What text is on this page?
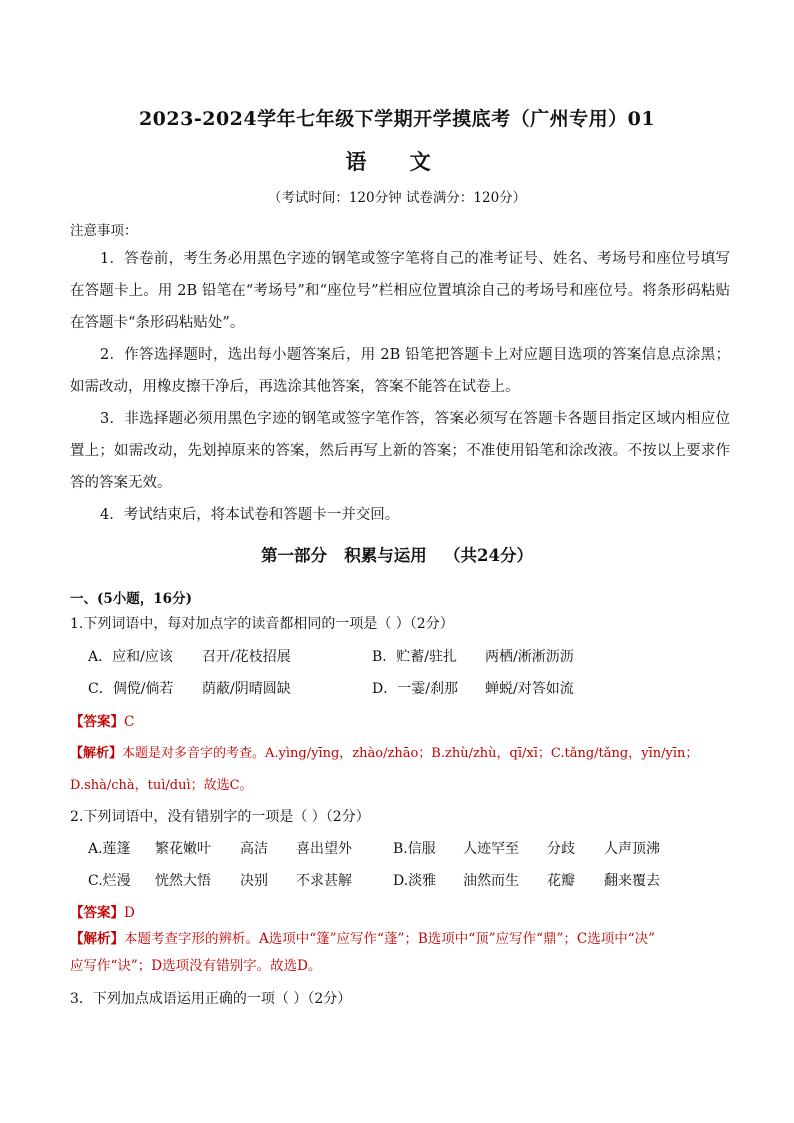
2023-2024学年七年级下学期开学摸底考（广州专用）01
语 文
（考试时间：120分钟 试卷满分：120分）
注意事项：
1．答卷前，考生务必用黑色字迹的钢笔或签字笔将自己的准考证号、姓名、考场号和座位号填写在答题卡上。用 2B 铅笔在“考场号”和“座位号”栏相应位置填涂自己的考场号和座位号。将条形码粘贴在答题卡“条形码粘贴处”。
2．作答选择题时，选出每小题答案后，用 2B 铅笔把答题卡上对应题目选项的答案信息点涂黑；如需改动，用橡皮擦干净后，再选涂其他答案，答案不能答在试卷上。
3．非选择题必须用黑色字迹的钢笔或签字笔作答，答案必须写在答题卡各题目指定区域内相应位置上；如需改动，先划掉原来的答案，然后再写上新的答案；不准使用铅笔和涂改液。不按以上要求作答的答案无效。
4．考试结束后，将本试卷和答题卡一并交回。
第一部分 积累与运用 （共24分）
一、(5小题，16分)
1.下列词语中，每对加点字的读音都相同的一项是（ ）（2分）
A．应和/应该 召开/花枝招展	B．贮蓄/驻扎 两栖/淅淅沥沥
C．倜傥/倘若 荫蔽/阴晴圆缺	D．一霎/刹那 蝉蜕/对答如流
【答案】C
【解析】本题是对多音字的考查。A.yìng/yīng，zhào/zhāo；B.zhù/zhù，qī/xī；C.tǎng/tǎng，yīn/yīn；
D.shà/chà，tuì/duì；故选C。
2.下列词语中，没有错别字的一项是（ ）（2分）
A.莲篷 繁花嫩叶 高洁 喜出望外	B.信服 人迹罕至 分歧 人声顶沸
C.烂漫 恍然大悟 决别 不求甚解	D.淡雅 油然而生 花瓣 翻来覆去
【答案】D
【解析】本题考查字形的辨析。A选项中“篷”应写作“蓬”；B选项中“顶”应写作“鼎”；C选项中“决”
应写作“诀”；D选项没有错别字。故选D。
3．下列加点成语运用正确的一项（ ）（2分）
